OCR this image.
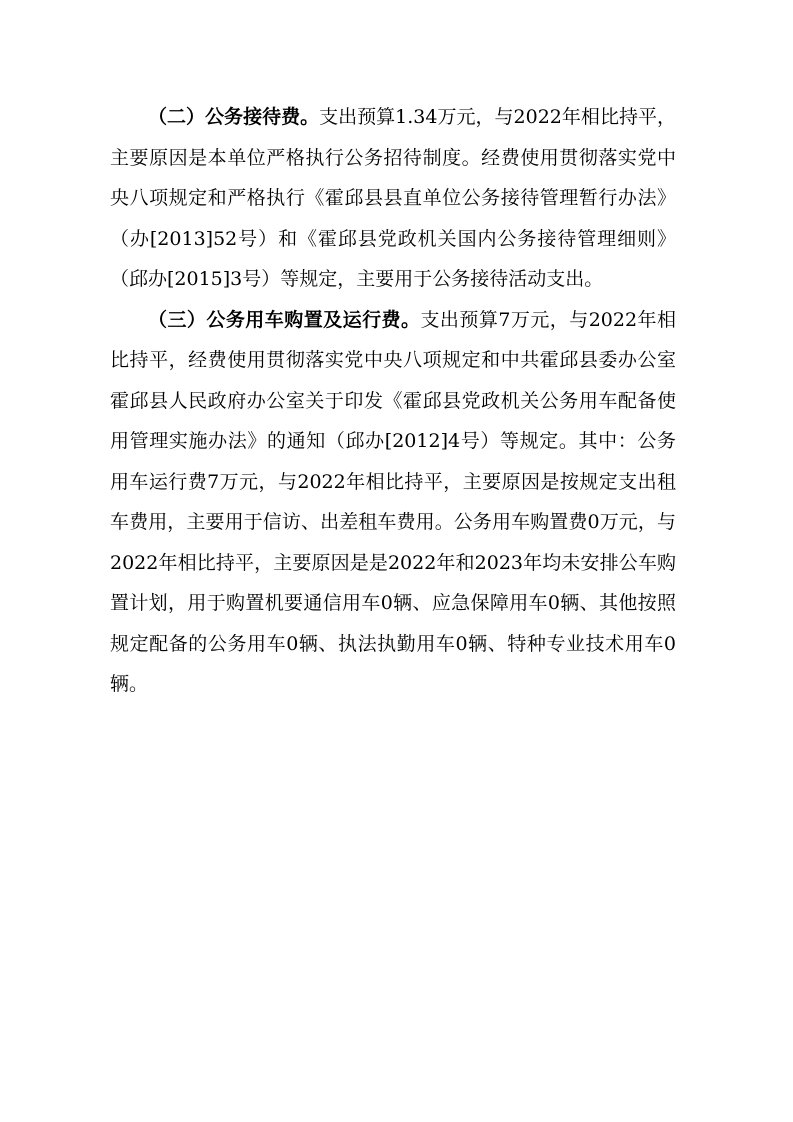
（二）公务接待费。支出预算1.34万元，与2022年相比持平，主要原因是本单位严格执行公务招待制度。经费使用贯彻落实党中央八项规定和严格执行《霍邱县县直单位公务接待管理暂行办法》（办[2013]52号）和《霍邱县党政机关国内公务接待管理细则》（邱办[2015]3号）等规定，主要用于公务接待活动支出。

（三）公务用车购置及运行费。支出预算7万元，与2022年相比持平，经费使用贯彻落实党中央八项规定和中共霍邱县委办公室霍邱县人民政府办公室关于印发《霍邱县党政机关公务用车配备使用管理实施办法》的通知（邱办[2012]4号）等规定。其中：公务用车运行费7万元，与2022年相比持平，主要原因是按规定支出租车费用，主要用于信访、出差租车费用。公务用车购置费0万元，与2022年相比持平，主要原因是是2022年和2023年均未安排公车购置计划，用于购置机要通信用车0辆、应急保障用车0辆、其他按照规定配备的公务用车0辆、执法执勤用车0辆、特种专业技术用车0辆。
